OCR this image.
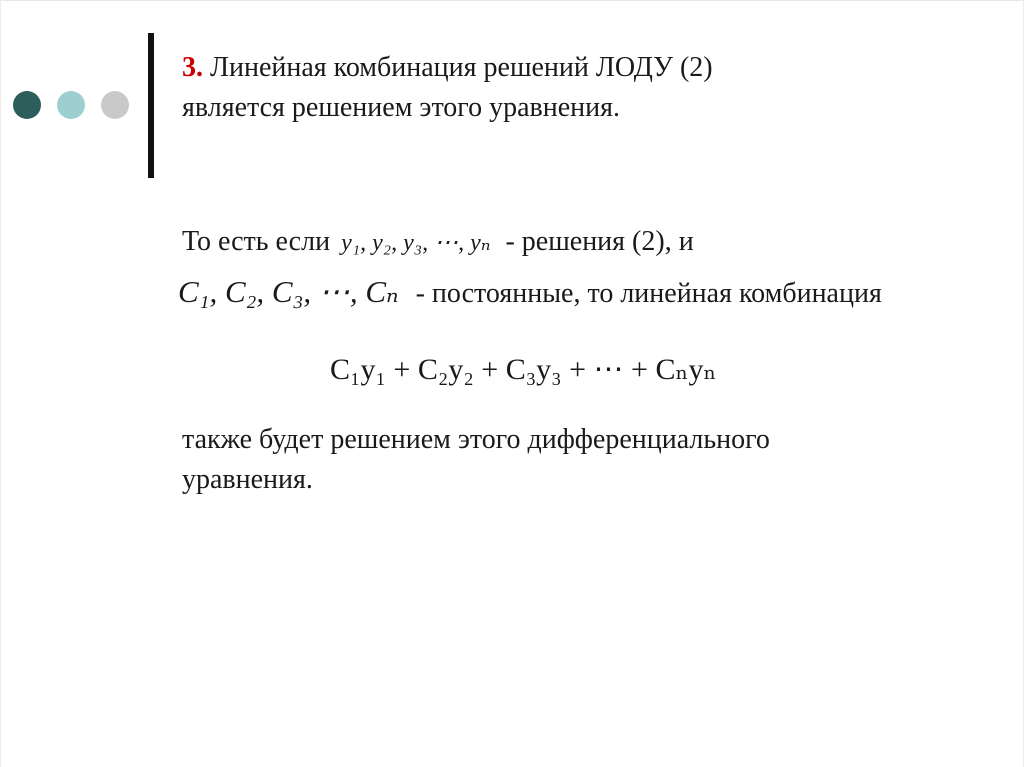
3. Линейная комбинация решений ЛОДУ (2)
является решением этого уравнения.
То есть если y₁, y₂, y₃, ⋯, yₙ - решения (2), и
C₁, C₂, C₃, ⋯, Cₙ - постоянные, то линейная комбинация
C₁y₁ + C₂y₂ + C₃y₃ + ⋯ + Cₙyₙ
также будет решением этого дифференциального
уравнения.
